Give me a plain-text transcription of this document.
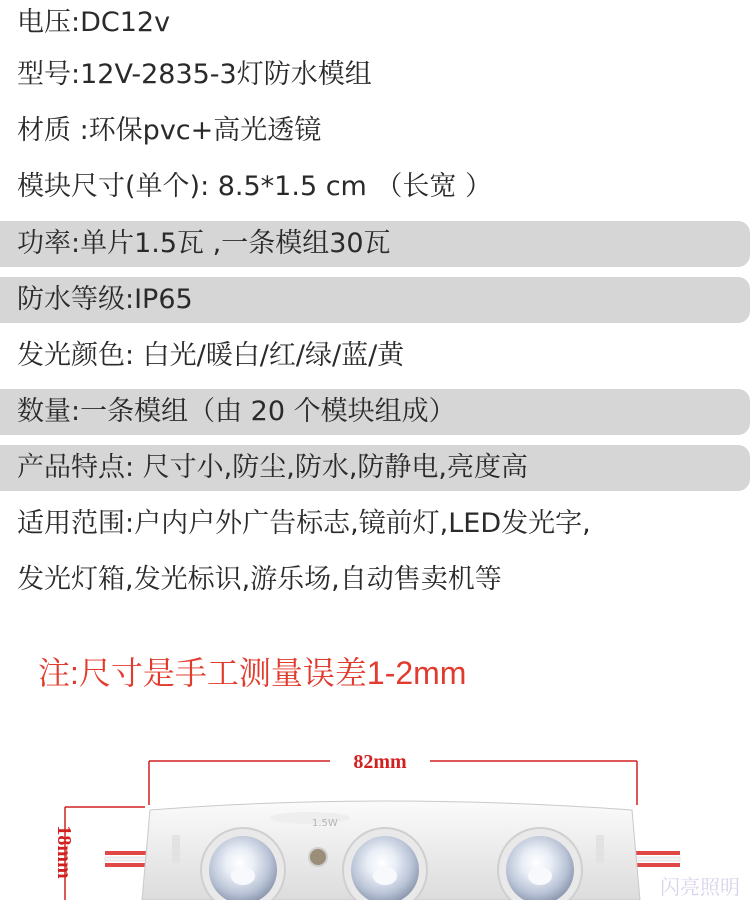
电压:DC12v
型号:12V-2835-3灯防水模组
材质 :环保pvc+高光透镜
模块尺寸(单个): 8.5*1.5 cm （长宽 ）
功率:单片1.5瓦 ,一条模组30瓦
防水等级:IP65
发光颜色: 白光/暖白/红/绿/蓝/黄
数量:一条模组（由 20 个模块组成）
产品特点: 尺寸小,防尘,防水,防静电,亮度高
适用范围:户内户外广告标志,镜前灯,LED发光字,
发光灯箱,发光标识,游乐场,自动售卖机等
注:尺寸是手工测量误差1-2mm
82mm
18mm
1.5W
闪亮照明
